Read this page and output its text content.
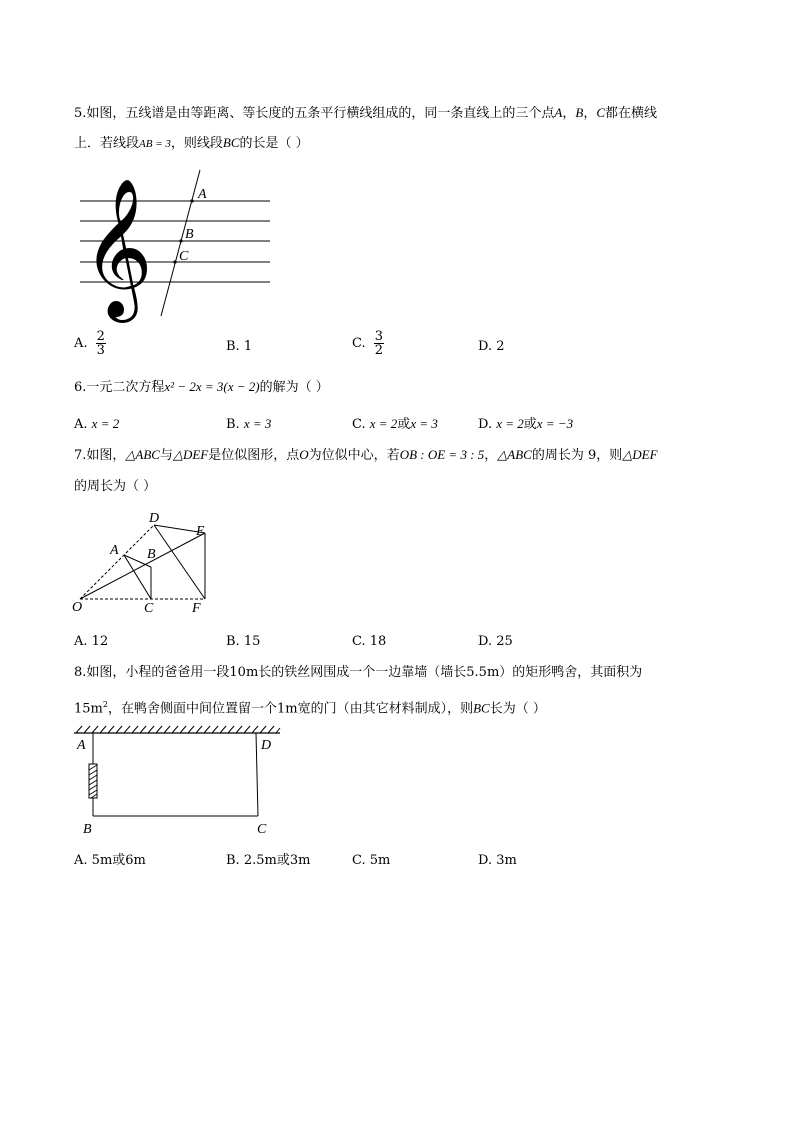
5.如图，五线谱是由等距离、等长度的五条平行横线组成的，同一条直线上的三个点A，B，C都在横线
上．若线段AB = 3，则线段BC的长是（ ）
A
B
C
𝄞
A. $\frac{2}{3}$	B. 1	C. $\frac{3}{2}$	D. 2
6.一元二次方程x² − 2x = 3(x − 2)的解为（ ）
A. x = 2	B. x = 3	C. x = 2或x = 3	D. x = 2或x = −3
7.如图，△ABC与△DEF是位似图形，点O为位似中心，若OB : OE = 3 : 5，△ABC的周长为 9，则△DEF
的周长为（ ）
O
A B
C
D
E
F
A. 12	B. 15	C. 18	D. 25
8.如图，小程的爸爸用一段10m长的铁丝网围成一个一边靠墙（墙长5.5m）的矩形鸭舍，其面积为
$15m^2$，在鸭舍侧面中间位置留一个1m宽的门（由其它材料制成），则BC长为（ ）
A	D
B	C
A. 5m或6m	B. 2.5m或3m	C. 5m	D. 3m
